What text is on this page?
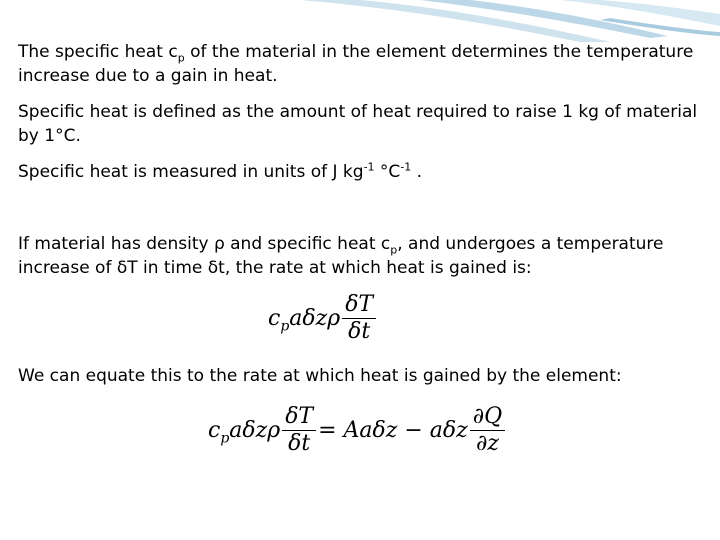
The specific heat $c_p$ of the material in the element determines the temperature increase due to a gain in heat.

Specific heat is defined as the amount of heat required to raise 1 kg of material by 1°C.

Specific heat is measured in units of J $kg^{-1}$ $^\circ C^{-1}$ .

If material has density ρ and specific heat $c_p$, and undergoes a temperature increase of δT in time δt, the rate at which heat is gained is:

$c_pa\delta z\rho \frac{\delta T}{\delta t}$

We can equate this to the rate at which heat is gained by the element:

$c_pa\delta z\rho \frac{\delta T}{\delta t} = Aa\delta z - a\delta z \frac{\partial Q}{\partial z}$
